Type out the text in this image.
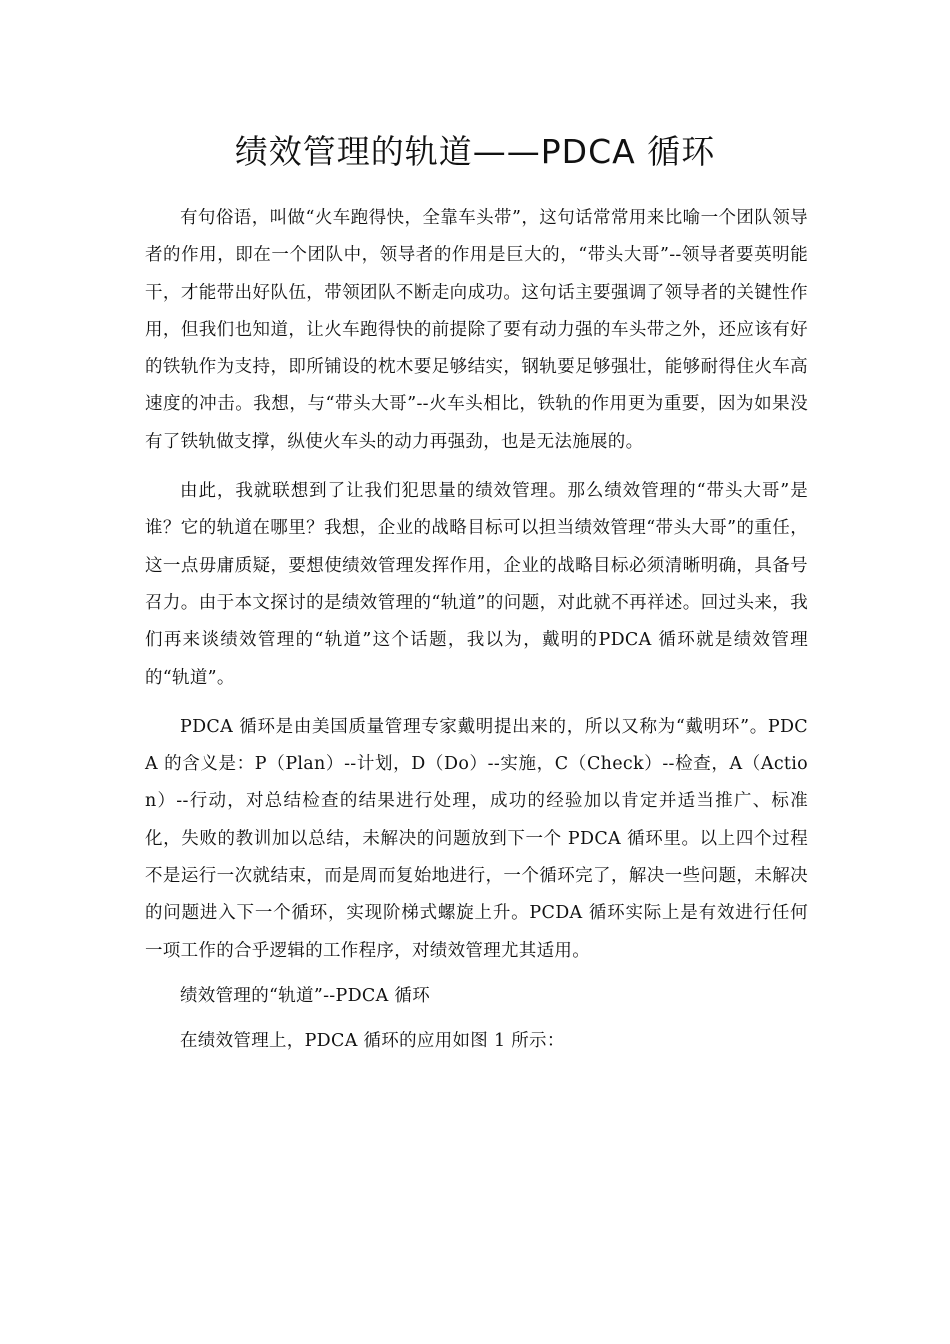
绩效管理的轨道——PDCA 循环

有句俗语，叫做“火车跑得快，全靠车头带”，这句话常常用来比喻一个团队领导者的作用，即在一个团队中，领导者的作用是巨大的，“带头大哥”--领导者要英明能干，才能带出好队伍，带领团队不断走向成功。这句话主要强调了领导者的关键性作用，但我们也知道，让火车跑得快的前提除了要有动力强的车头带之外，还应该有好的铁轨作为支持，即所铺设的枕木要足够结实，钢轨要足够强壮，能够耐得住火车高速度的冲击。我想，与“带头大哥”--火车头相比，铁轨的作用更为重要，因为如果没有了铁轨做支撑，纵使火车头的动力再强劲，也是无法施展的。

由此，我就联想到了让我们犯思量的绩效管理。那么绩效管理的“带头大哥”是谁？它的轨道在哪里？我想，企业的战略目标可以担当绩效管理“带头大哥”的重任，这一点毋庸质疑，要想使绩效管理发挥作用，企业的战略目标必须清晰明确，具备号召力。由于本文探讨的是绩效管理的“轨道”的问题，对此就不再祥述。回过头来，我们再来谈绩效管理的“轨道”这个话题，我以为，戴明的PDCA 循环就是绩效管理的“轨道”。

PDCA 循环是由美国质量管理专家戴明提出来的，所以又称为“戴明环”。PDCA 的含义是：P（Plan）--计划，D（Do）--实施，C（Check）--检查，A（Action）--行动，对总结检查的结果进行处理，成功的经验加以肯定并适当推广、标准化，失败的教训加以总结，未解决的问题放到下一个 PDCA 循环里。以上四个过程不是运行一次就结束，而是周而复始地进行，一个循环完了，解决一些问题，未解决的问题进入下一个循环，实现阶梯式螺旋上升。PCDA 循环实际上是有效进行任何一项工作的合乎逻辑的工作程序，对绩效管理尤其适用。

绩效管理的“轨道”--PDCA 循环

在绩效管理上，PDCA 循环的应用如图 1 所示：
